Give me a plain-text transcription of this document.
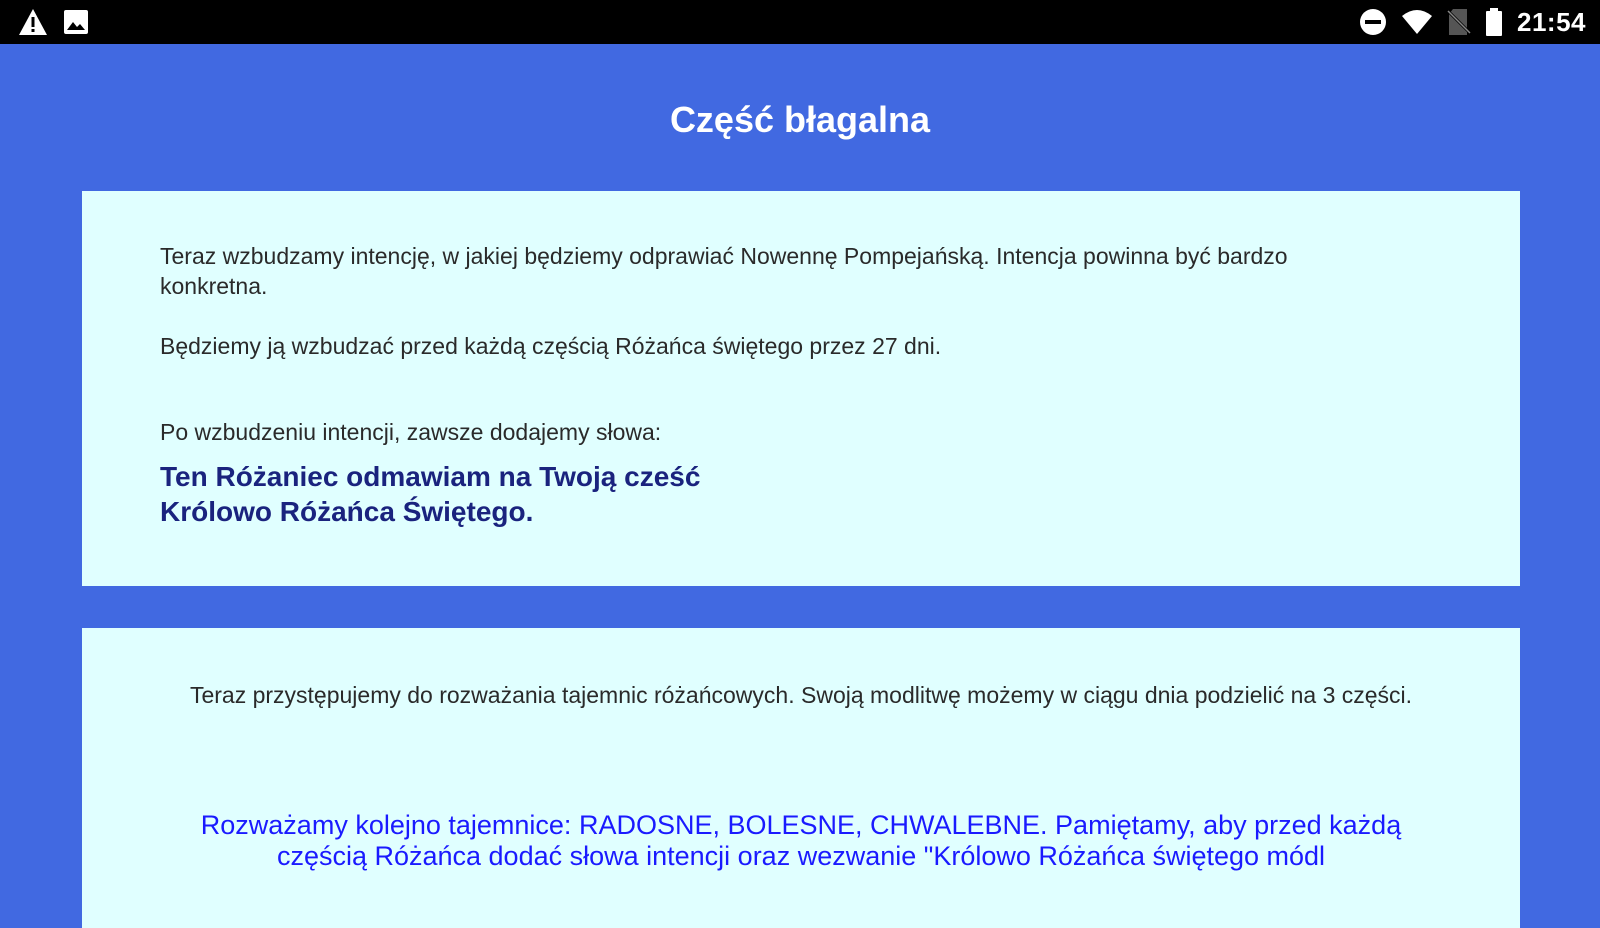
21:54
Część błagalna

Teraz wzbudzamy intencję, w jakiej będziemy odprawiać Nowennę Pompejańską. Intencja powinna być bardzo konkretna.

Będziemy ją wzbudzać przed każdą częścią Różańca świętego przez 27 dni.

Po wzbudzeniu intencji, zawsze dodajemy słowa:

Ten Różaniec odmawiam na Twoją cześć
Królowo Różańca Świętego.

Teraz przystępujemy do rozważania tajemnic różańcowych. Swoją modlitwę możemy w ciągu dnia podzielić na 3 części.

Rozważamy kolejno tajemnice: RADOSNE, BOLESNE, CHWALEBNE. Pamiętamy, aby przed każdą częścią Różańca dodać słowa intencji oraz wezwanie "Królowo Różańca świętego módl
